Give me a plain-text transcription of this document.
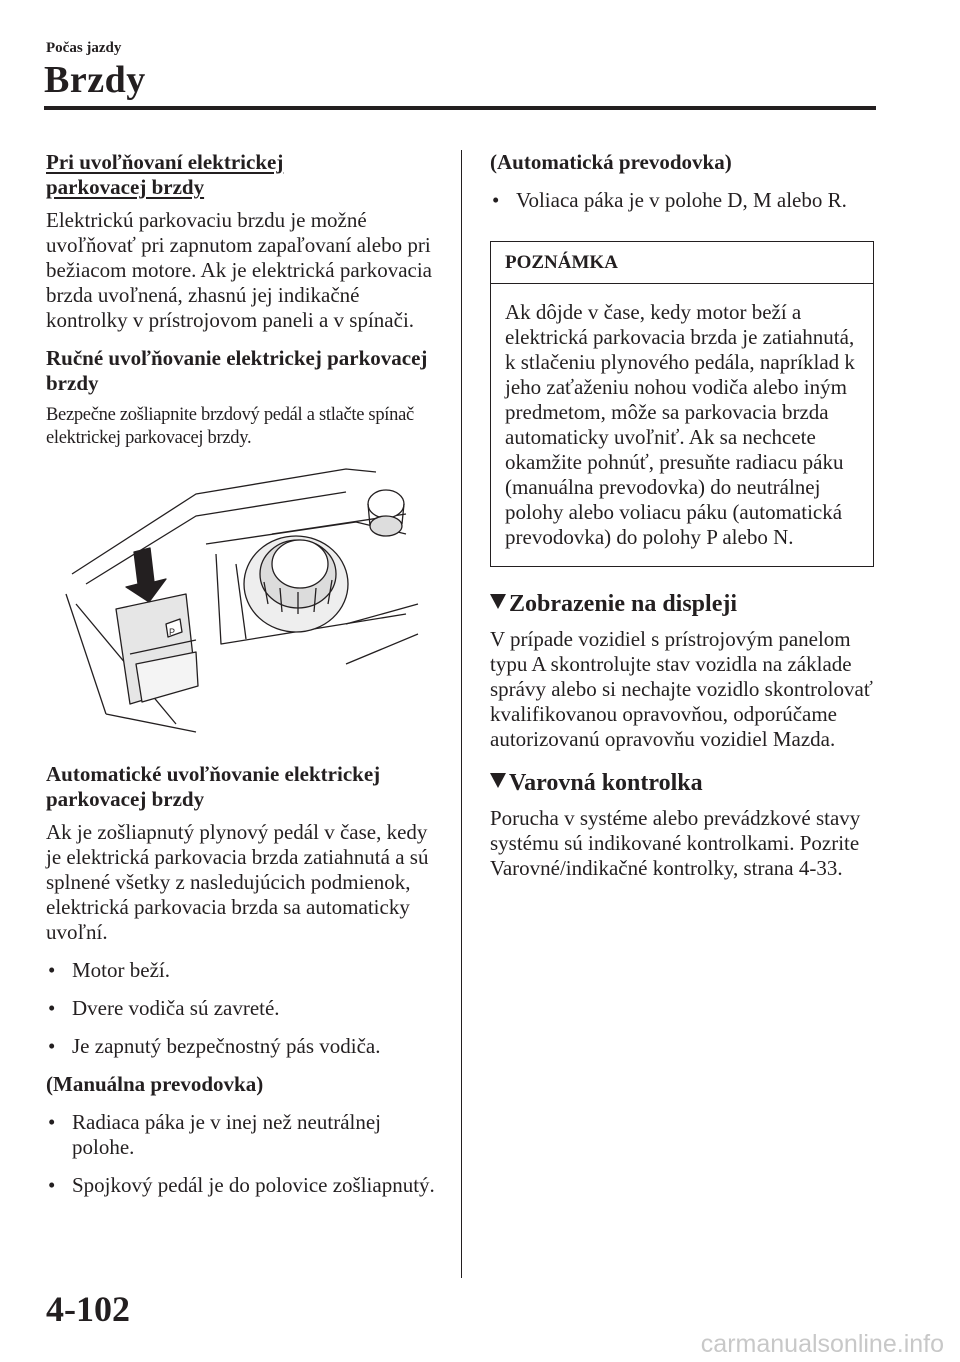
Počas jazdy
Brzdy

Pri uvoľňovaní elektrickej
parkovacej brzdy

Elektrickú parkovaciu brzdu je možné uvoľňovať pri zapnutom zapaľovaní alebo pri bežiacom motore. Ak je elektrická parkovacia brzda uvoľnená, zhasnú jej indikačné kontrolky v prístrojovom paneli a v spínači.

Ručné uvoľňovanie elektrickej parkovacej brzdy

Bezpečne zošliapnite brzdový pedál a stlačte spínač elektrickej parkovacej brzdy.

P

Automatické uvoľňovanie elektrickej parkovacej brzdy

Ak je zošliapnutý plynový pedál v čase, kedy je elektrická parkovacia brzda zatiahnutá a sú splnené všetky z nasledujúcich podmienok, elektrická parkovacia brzda sa automaticky uvoľní.

• Motor beží.

• Dvere vodiča sú zavreté.

• Je zapnutý bezpečnostný pás vodiča.

(Manuálna prevodovka)

• Radiaca páka je v inej než neutrálnej polohe.

• Spojkový pedál je do polovice zošliapnutý.

(Automatická prevodovka)

• Voliaca páka je v polohe D, M alebo R.

POZNÁMKA
Ak dôjde v čase, kedy motor beží a elektrická parkovacia brzda je zatiahnutá, k stlačeniu plynového pedála, napríklad k jeho zaťaženiu nohou vodiča alebo iným predmetom, môže sa parkovacia brzda automaticky uvoľniť. Ak sa nechcete okamžite pohnúť, presuňte radiacu páku (manuálna prevodovka) do neutrálnej polohy alebo voliacu páku (automatická prevodovka) do polohy P alebo N.

Zobrazenie na displeji

V prípade vozidiel s prístrojovým panelom typu A skontrolujte stav vozidla na základe správy alebo si nechajte vozidlo skontrolovať kvalifikovanou opravovňou, odporúčame autorizovanú opravovňu vozidiel Mazda.

Varovná kontrolka

Porucha v systéme alebo prevádzkové stavy systému sú indikované kontrolkami. Pozrite Varovné/indikačné kontrolky, strana 4-33.

4-102
carmanualsonline.info
